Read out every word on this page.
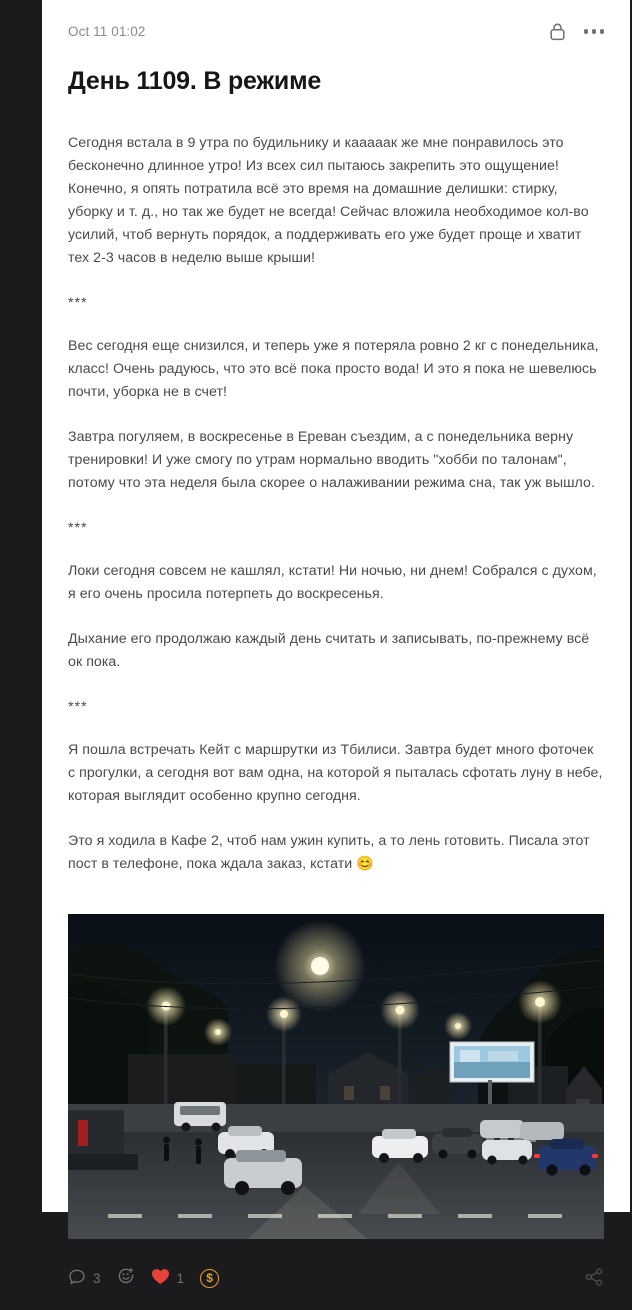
Oct 11 01:02
День 1109. В режиме

Сегодня встала в 9 утра по будильнику и кааааак же мне понравилось это бесконечно длинное утро! Из всех сил пытаюсь закрепить это ощущение! Конечно, я опять потратила всё это время на домашние делишки: стирку, уборку и т. д., но так же будет не всегда! Сейчас вложила необходимое кол-во усилий, чтоб вернуть порядок, а поддерживать его уже будет проще и хватит тех 2-3 часов в неделю выше крыши!

***

Вес сегодня еще снизился, и теперь уже я потеряла ровно 2 кг с понедельника, класс! Очень радуюсь, что это всё пока просто вода! И это я пока не шевелюсь почти, уборка не в счет!

Завтра погуляем, в воскресенье в Ереван съездим, а с понедельника верну тренировки! И уже смогу по утрам нормально вводить "хобби по талонам", потому что эта неделя была скорее о налаживании режима сна, так уж вышло.

***

Локи сегодня совсем не кашлял, кстати! Ни ночью, ни днем! Собрался с духом, я его очень просила потерпеть до воскресенья.

Дыхание его продолжаю каждый день считать и записывать, по-прежнему всё ок пока.

***

Я пошла встречать Кейт с маршрутки из Тбилиси. Завтра будет много фоточек с прогулки, а сегодня вот вам одна, на которой я пыталась сфотать луну в небе, которая выглядит особенно крупно сегодня.

Это я ходила в Кафе 2, чтоб нам ужин купить, а то лень готовить. Писала этот пост в телефоне, пока ждала заказ, кстати 😊

3	1	$
